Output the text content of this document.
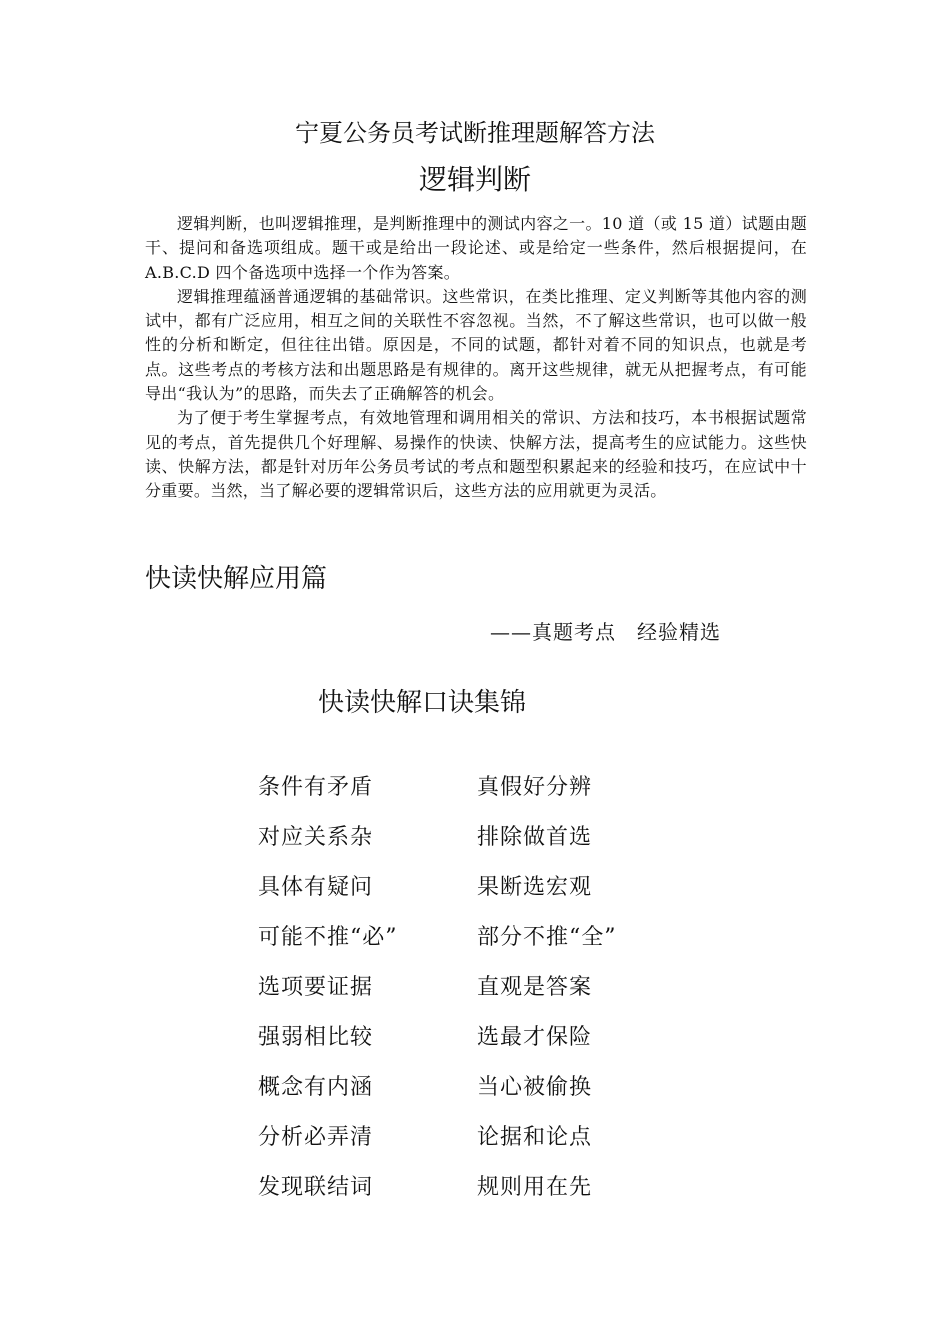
宁夏公务员考试断推理题解答方法
逻辑判断

逻辑判断，也叫逻辑推理，是判断推理中的测试内容之一。10 道（或 15 道）试题由题干、提问和备选项组成。题干或是给出一段论述、或是给定一些条件，然后根据提问，在 A.B.C.D 四个备选项中选择一个作为答案。

逻辑推理蕴涵普通逻辑的基础常识。这些常识，在类比推理、定义判断等其他内容的测试中，都有广泛应用，相互之间的关联性不容忽视。当然，不了解这些常识，也可以做一般性的分析和断定，但往往出错。原因是，不同的试题，都针对着不同的知识点，也就是考点。这些考点的考核方法和出题思路是有规律的。离开这些规律，就无从把握考点，有可能导出“我认为”的思路，而失去了正确解答的机会。

为了便于考生掌握考点，有效地管理和调用相关的常识、方法和技巧，本书根据试题常见的考点，首先提供几个好理解、易操作的快读、快解方法，提高考生的应试能力。这些快读、快解方法，都是针对历年公务员考试的考点和题型积累起来的经验和技巧，在应试中十分重要。当然，当了解必要的逻辑常识后，这些方法的应用就更为灵活。

快读快解应用篇
——真题考点　经验精选
快读快解口诀集锦
条件有矛盾	真假好分辨
对应关系杂	排除做首选
具体有疑问	果断选宏观
可能不推“必”	部分不推“全”
选项要证据	直观是答案
强弱相比较	选最才保险
概念有内涵	当心被偷换
分析必弄清	论据和论点
发现联结词	规则用在先
